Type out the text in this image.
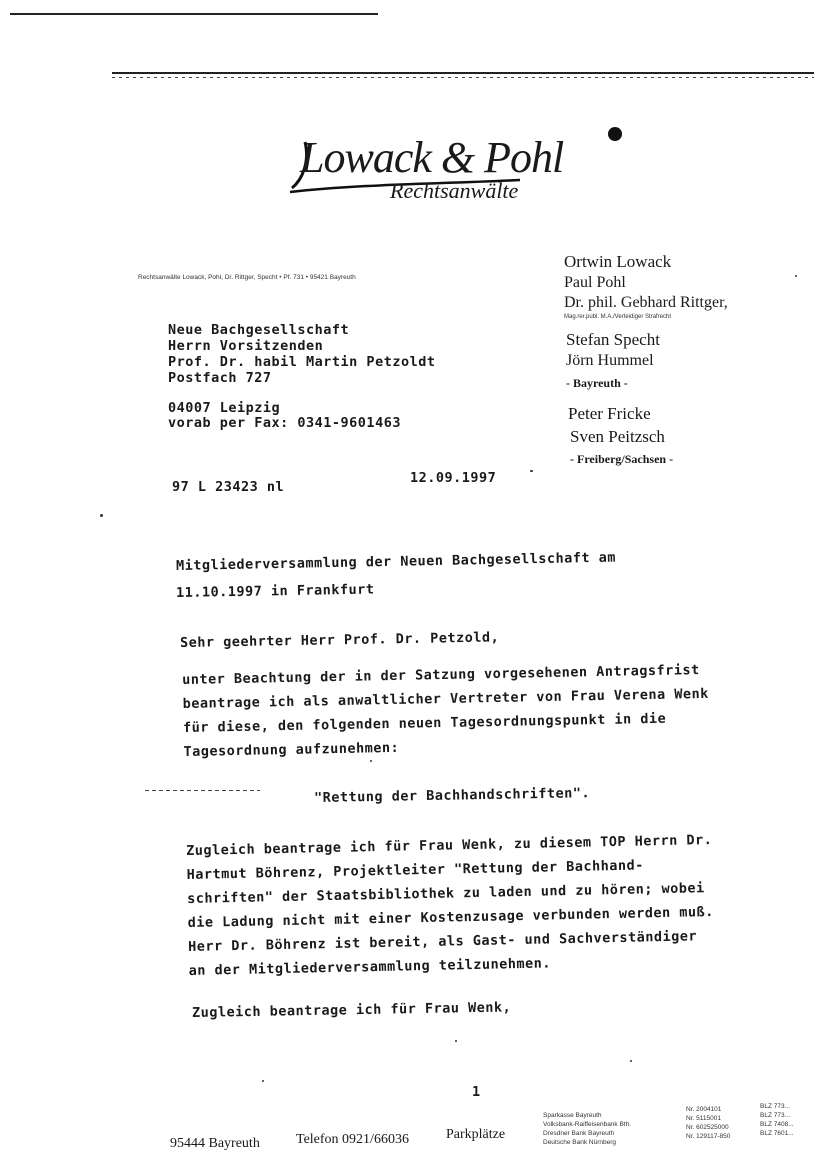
Lowack & Pohl
Rechtsanwälte
Rechtsanwälte Lowack, Pohl, Dr. Rittger, Specht • Pf. 731 • 95421 Bayreuth
Ortwin Lowack
Paul Pohl
Dr. phil. Gebhard Rittger,
Mag.rer.publ. M.A./Verteidiger Strafrecht
Stefan Specht
Jörn Hummel
- Bayreuth -
Peter Fricke
Sven Peitzsch
- Freiberg/Sachsen -
Neue Bachgesellschaft
Herrn Vorsitzenden
Prof. Dr. habil Martin Petzoldt
Postfach 727
04007 Leipzig
vorab per Fax: 0341-9601463
97 L 23423 nl
12.09.1997
Mitgliederversammlung der Neuen Bachgesellschaft am
11.10.1997 in Frankfurt
Sehr geehrter Herr Prof. Dr. Petzold,
unter Beachtung der in der Satzung vorgesehenen Antragsfrist
beantrage ich als anwaltlicher Vertreter von Frau Verena Wenk
für diese, den folgenden neuen Tagesordnungspunkt in die
Tagesordnung aufzunehmen:
"Rettung der Bachhandschriften".
Zugleich beantrage ich für Frau Wenk, zu diesem TOP Herrn Dr.
Hartmut Böhrenz, Projektleiter "Rettung der Bachhand-
schriften" der Staatsbibliothek zu laden und zu hören; wobei
die Ladung nicht mit einer Kostenzusage verbunden werden muß.
Herr Dr. Böhrenz ist bereit, als Gast- und Sachverständiger
an der Mitgliederversammlung teilzunehmen.
Zugleich beantrage ich für Frau Wenk,
1
95444 Bayreuth	Telefon 0921/66036	Parkplätze
Sparkasse Bayreuth
Volksbank-Raiffeisenbank Bth.
Dresdner Bank Bayreuth
Deutsche Bank Nürnberg
Nr. 2004101
Nr. 5115001
Nr. 602525000
Nr. 129117-850
BLZ 773...
BLZ 773...
BLZ 7408...
BLZ 7601...
